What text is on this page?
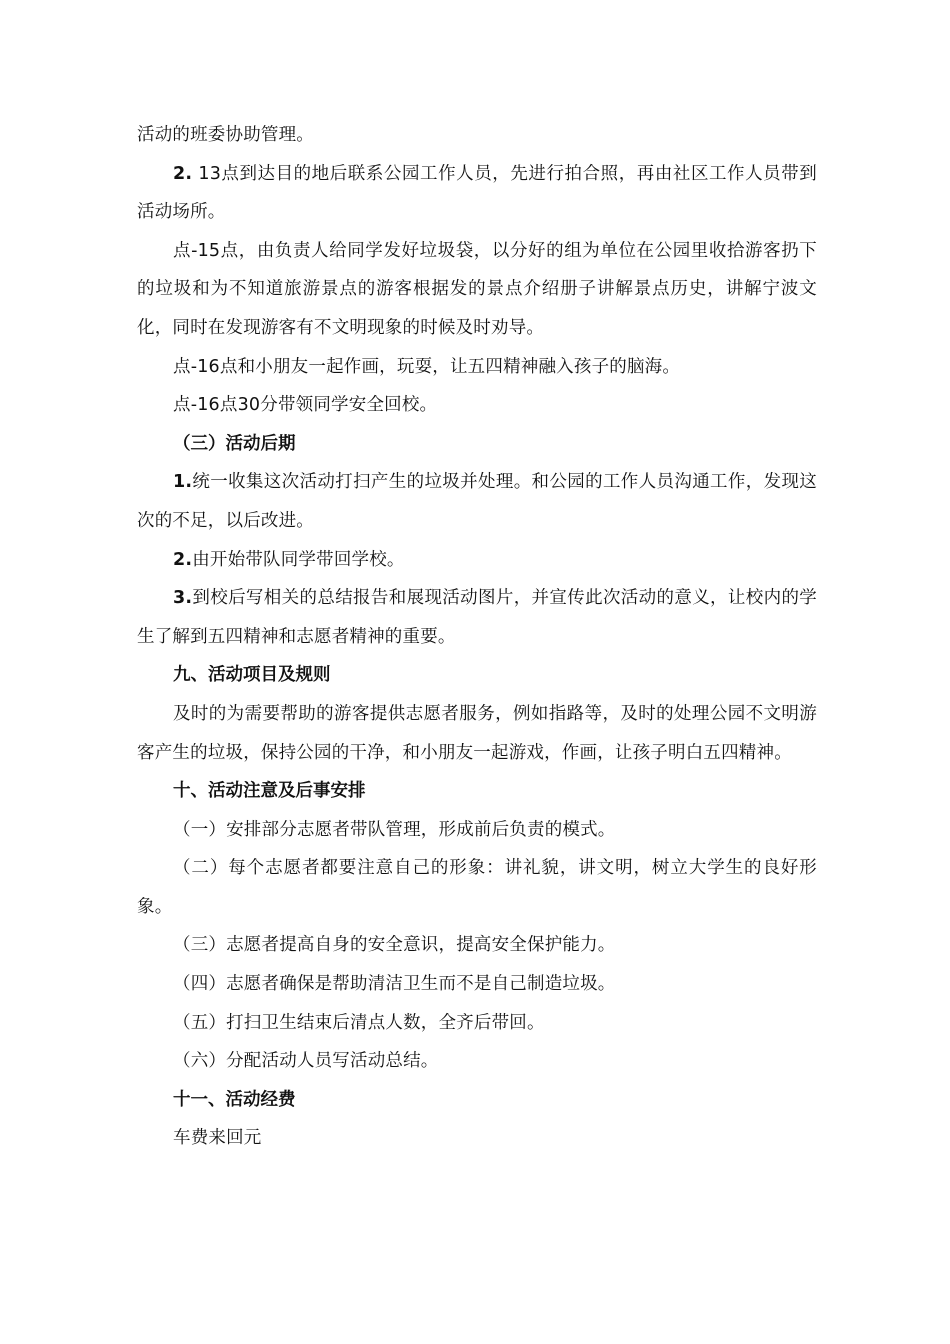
活动的班委协助管理。

2. 13点到达目的地后联系公园工作人员，先进行拍合照，再由社区工作人员带到活动场所。

点-15点，由负责人给同学发好垃圾袋，以分好的组为单位在公园里收拾游客扔下的垃圾和为不知道旅游景点的游客根据发的景点介绍册子讲解景点历史，讲解宁波文化，同时在发现游客有不文明现象的时候及时劝导。

点-16点和小朋友一起作画，玩耍，让五四精神融入孩子的脑海。

点-16点30分带领同学安全回校。

（三）活动后期

1.统一收集这次活动打扫产生的垃圾并处理。和公园的工作人员沟通工作，发现这次的不足，以后改进。

2.由开始带队同学带回学校。

3.到校后写相关的总结报告和展现活动图片，并宣传此次活动的意义，让校内的学生了解到五四精神和志愿者精神的重要。

九、活动项目及规则

及时的为需要帮助的游客提供志愿者服务，例如指路等，及时的处理公园不文明游客产生的垃圾，保持公园的干净，和小朋友一起游戏，作画，让孩子明白五四精神。

十、活动注意及后事安排

（一）安排部分志愿者带队管理，形成前后负责的模式。

（二）每个志愿者都要注意自己的形象：讲礼貌，讲文明，树立大学生的良好形象。

（三）志愿者提高自身的安全意识，提高安全保护能力。

（四）志愿者确保是帮助清洁卫生而不是自己制造垃圾。

（五）打扫卫生结束后清点人数，全齐后带回。

（六）分配活动人员写活动总结。

十一、活动经费

车费来回元
